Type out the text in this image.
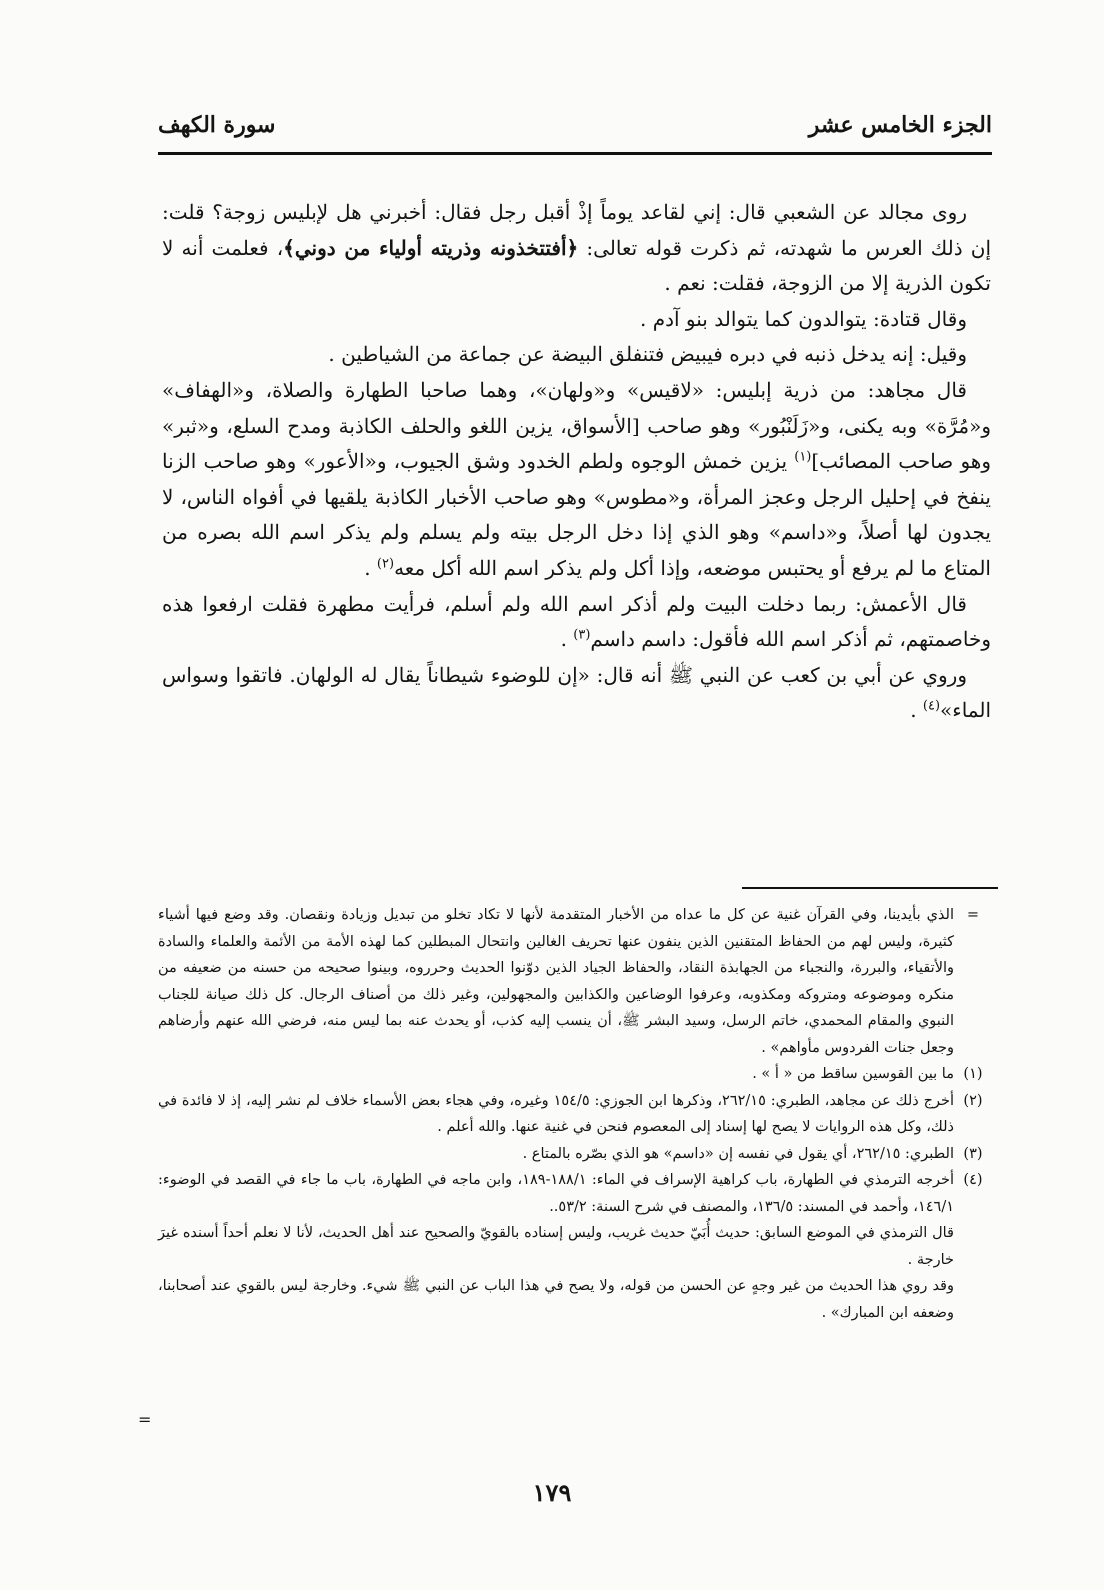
الجزء الخامس عشر
سورة الكهف

روى مجالد عن الشعبي قال: إني لقاعد يوماً إذْ أقبل رجل فقال: أخبرني هل لإبليس زوجة؟ قلت: إن ذلك العرس ما شهدته، ثم ذكرت قوله تعالى: ﴿أفتتخذونه وذريته أولياء من دوني﴾، فعلمت أنه لا تكون الذرية إلا من الزوجة، فقلت: نعم .

وقال قتادة: يتوالدون كما يتوالد بنو آدم .

وقيل: إنه يدخل ذنبه في دبره فيبيض فتنفلق البيضة عن جماعة من الشياطين .

قال مجاهد: من ذرية إبليس: «لاقيس» و«ولهان»، وهما صاحبا الطهارة والصلاة، و«الهفاف» و«مُرَّة» وبه يكنى، و«زَلَنْبُور» وهو صاحب [الأسواق، يزين اللغو والحلف الكاذبة ومدح السلع، و«ثبر» وهو صاحب المصائب]$^{(١)}$ يزين خمش الوجوه ولطم الخدود وشق الجيوب، و«الأعور» وهو صاحب الزنا ينفخ في إحليل الرجل وعجز المرأة، و«مطوس» وهو صاحب الأخبار الكاذبة يلقيها في أفواه الناس، لا يجدون لها أصلاً، و«داسم» وهو الذي إذا دخل الرجل بيته ولم يسلم ولم يذكر اسم الله بصره من المتاع ما لم يرفع أو يحتبس موضعه، وإذا أكل ولم يذكر اسم الله أكل معه$^{(٢)}$ .

قال الأعمش: ربما دخلت البيت ولم أذكر اسم الله ولم أسلم، فرأيت مطهرة فقلت ارفعوا هذه وخاصمتهم، ثم أذكر اسم الله فأقول: داسم داسم$^{(٣)}$ .

وروي عن أبي بن كعب عن النبي ﷺ أنه قال: «إن للوضوء شيطاناً يقال له الولهان. فاتقوا وسواس الماء»$^{(٤)}$ .

=

الذي بأيدينا، وفي القرآن غنية عن كل ما عداه من الأخبار المتقدمة لأنها لا تكاد تخلو من تبديل وزيادة ونقصان. وقد وضع فيها أشياء كثيرة، وليس لهم من الحفاظ المتقنين الذين ينفون عنها تحريف الغالين وانتحال المبطلين كما لهذه الأمة من الأئمة والعلماء والسادة والأتقياء، والبررة، والنجباء من الجهابذة النقاد، والحفاظ الجياد الذين دوّنوا الحديث وحرروه، وبينوا صحيحه من حسنه من ضعيفه من منكره وموضوعه ومتروكه ومكذوبه، وعرفوا الوضاعين والكذابين والمجهولين، وغير ذلك من أصناف الرجال. كل ذلك صيانة للجناب النبوي والمقام المحمدي، خاتم الرسل، وسيد البشر ﷺ، أن ينسب إليه كذب، أو يحدث عنه بما ليس منه، فرضي الله عنهم وأرضاهم وجعل جنات الفردوس مأواهم» .

(١)

ما بين القوسين ساقط من « أ » .

(٢)

أخرج ذلك عن مجاهد، الطبري: ٢٦٢/١٥، وذكرها ابن الجوزي: ١٥٤/٥ وغيره، وفي هجاء بعض الأسماء خلاف لم نشر إليه، إذ لا فائدة في ذلك، وكل هذه الروايات لا يصح لها إسناد إلى المعصوم فنحن في غنية عنها. والله أعلم .

(٣)

الطبري: ٢٦٢/١٥، أي يقول في نفسه إن «داسم» هو الذي بصّره بالمتاع .

(٤)

أخرجه الترمذي في الطهارة، باب كراهية الإسراف في الماء: ١٨٨/١-١٨٩، وابن ماجه في الطهارة، باب ما جاء في القصد في الوضوء: ١٤٦/١، وأحمد في المسند: ١٣٦/٥، والمصنف في شرح السنة: ٥٣/٢..

قال الترمذي في الموضع السابق: حديث أُبَيّ حديث غريب، وليس إسناده بالقويّ والصحيح عند أهل الحديث، لأنا لا نعلم أحداً أسنده غيرَ خارجة .

وقد روي هذا الحديث من غير وجهٍ عن الحسن من قوله، ولا يصح في هذا الباب عن النبي ﷺ شيء. وخارجة ليس بالقوي عند أصحابنا، وضعفه ابن المبارك» .

=
١٧٩
